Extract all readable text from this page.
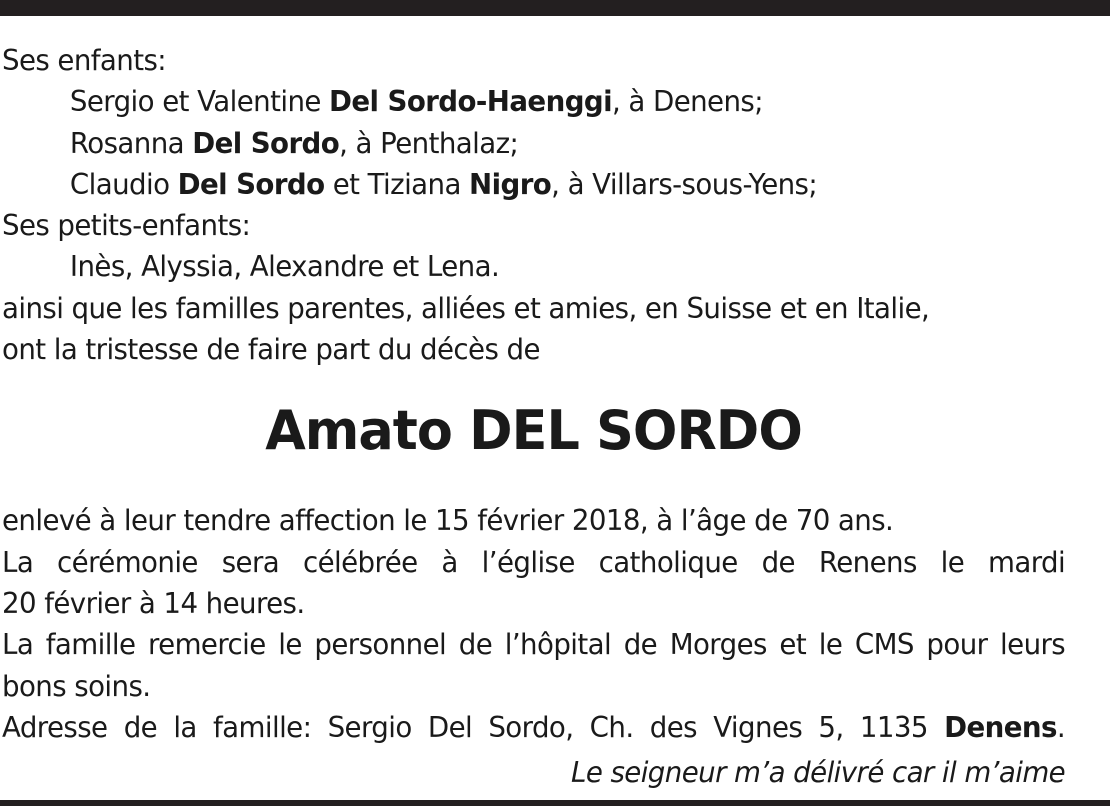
Ses enfants:
Sergio et Valentine Del Sordo-Haenggi, à Denens;
Rosanna Del Sordo, à Penthalaz;
Claudio Del Sordo et Tiziana Nigro, à Villars-sous-Yens;
Ses petits-enfants:
Inès, Alyssia, Alexandre et Lena.
ainsi que les familles parentes, alliées et amies, en Suisse et en Italie,
ont la tristesse de faire part du décès de
Amato DEL SORDO
enlevé à leur tendre affection le 15 février 2018, à l’âge de 70 ans.
La cérémonie sera célébrée à l’église catholique de Renens le mardi
20 février à 14 heures.
La famille remercie le personnel de l’hôpital de Morges et le CMS pour leurs
bons soins.
Adresse de la famille: Sergio Del Sordo, Ch. des Vignes 5, 1135 Denens.
Le seigneur m’a délivré car il m’aime
